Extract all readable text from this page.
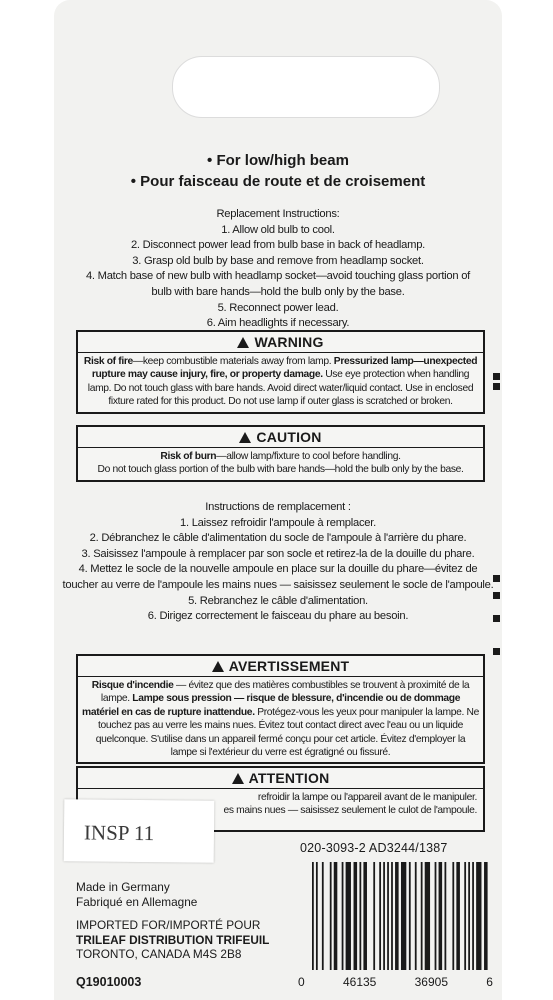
• For low/high beam
• Pour faisceau de route et de croisement
Replacement Instructions:
1. Allow old bulb to cool.
2. Disconnect power lead from bulb base in back of headlamp.
3. Grasp old bulb by base and remove from headlamp socket.
4. Match base of new bulb with headlamp socket—avoid touching glass portion of
bulb with bare hands—hold the bulb only by the base.
5. Reconnect power lead.
6. Aim headlights if necessary.
WARNING
Risk of fire—keep combustible materials away from lamp. Pressurized lamp—unexpected rupture may cause injury, fire, or property damage. Use eye protection when handling lamp. Do not touch glass with bare hands. Avoid direct water/liquid contact. Use in enclosed fixture rated for this product. Do not use lamp if outer glass is scratched or broken.
CAUTION
Risk of burn—allow lamp/fixture to cool before handling.
Do not touch glass portion of the bulb with bare hands—hold the bulb only by the base.
Instructions de remplacement :
1. Laissez refroidir l'ampoule à remplacer.
2. Débranchez le câble d'alimentation du socle de l'ampoule à l'arrière du phare.
3. Saisissez l'ampoule à remplacer par son socle et retirez-la de la douille du phare.
4. Mettez le socle de la nouvelle ampoule en place sur la douille du phare—évitez de
toucher au verre de l'ampoule les mains nues — saisissez seulement le socle de l'ampoule.
5. Rebranchez le câble d'alimentation.
6. Dirigez correctement le faisceau du phare au besoin.
AVERTISSEMENT
Risque d'incendie — évitez que des matières combustibles se trouvent à proximité de la lampe. Lampe sous pression — risque de blessure, d'incendie ou de dommage matériel en cas de rupture inattendue. Protégez-vous les yeux pour manipuler la lampe. Ne touchez pas au verre les mains nues. Évitez tout contact direct avec l'eau ou un liquide quelconque. S'utilise dans un appareil fermé conçu pour cet article. Évitez d'employer la lampe si l'extérieur du verre est égratigné ou fissuré.
ATTENTION
refroidir la lampe ou l'appareil avant de le manipuler.
es mains nues — saisissez seulement le culot de l'ampoule.
INSP 11
020-3093-2 AD3244/1387
0	46135	36905	6
Made in Germany
Fabriqué en Allemagne
IMPORTED FOR/IMPORTÉ POUR
TRILEAF DISTRIBUTION TRIFEUIL
TORONTO, CANADA M4S 2B8
Q19010003
